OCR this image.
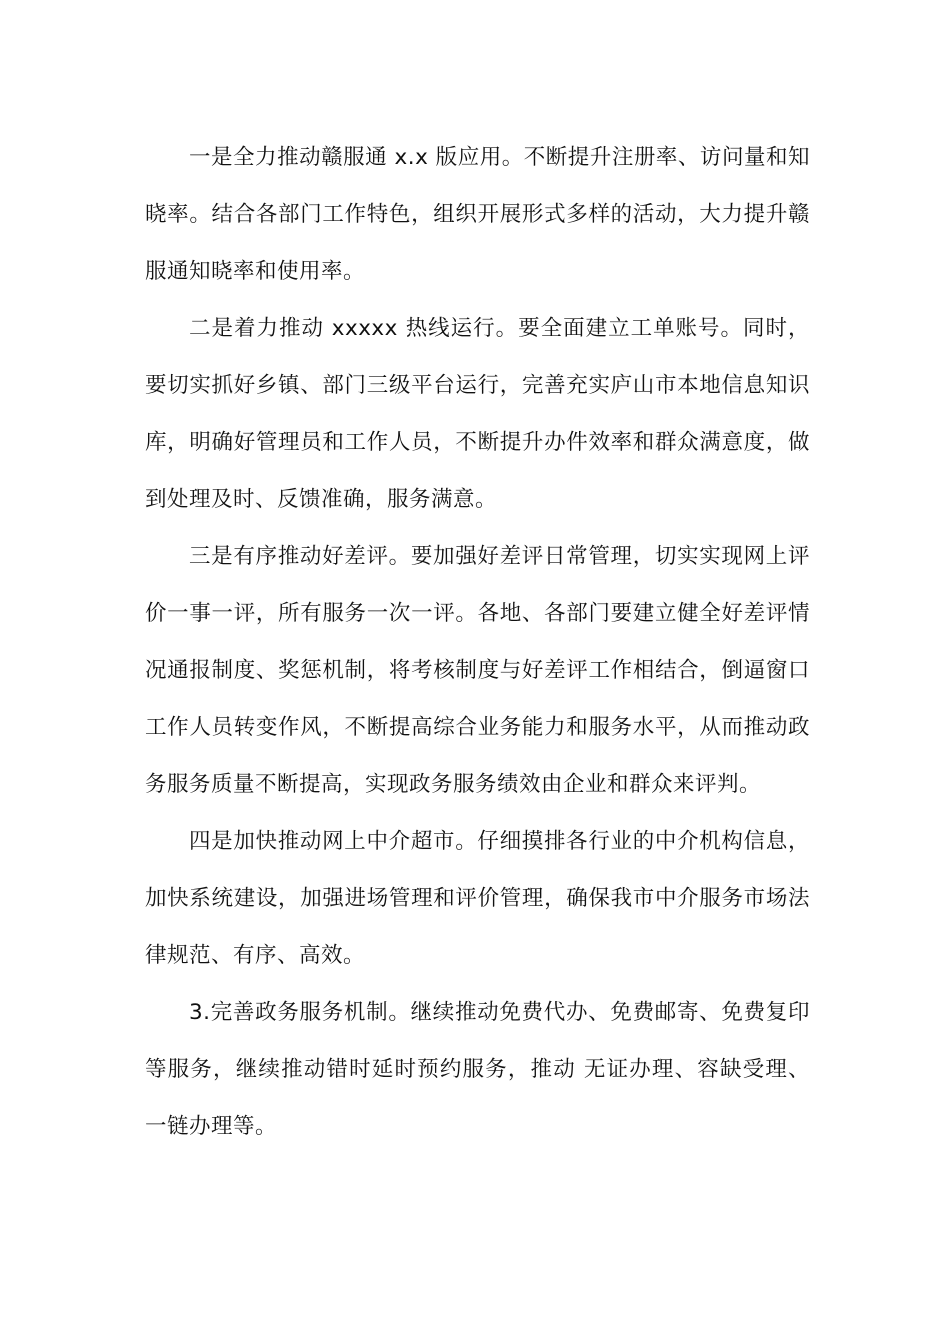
一是全力推动赣服通 x.x 版应用。不断提升注册率、访问量和知晓率。结合各部门工作特色，组织开展形式多样的活动，大力提升赣服通知晓率和使用率。

二是着力推动 xxxxx 热线运行。要全面建立工单账号。同时，要切实抓好乡镇、部门三级平台运行，完善充实庐山市本地信息知识库，明确好管理员和工作人员，不断提升办件效率和群众满意度，做到处理及时、反馈准确，服务满意。

三是有序推动好差评。要加强好差评日常管理，切实实现网上评价一事一评，所有服务一次一评。各地、各部门要建立健全好差评情况通报制度、奖惩机制，将考核制度与好差评工作相结合，倒逼窗口工作人员转变作风，不断提高综合业务能力和服务水平，从而推动政务服务质量不断提高，实现政务服务绩效由企业和群众来评判。

四是加快推动网上中介超市。仔细摸排各行业的中介机构信息，加快系统建设，加强进场管理和评价管理，确保我市中介服务市场法律规范、有序、高效。

3.完善政务服务机制。继续推动免费代办、免费邮寄、免费复印等服务，继续推动错时延时预约服务，推动 无证办理、容缺受理、一链办理等。
